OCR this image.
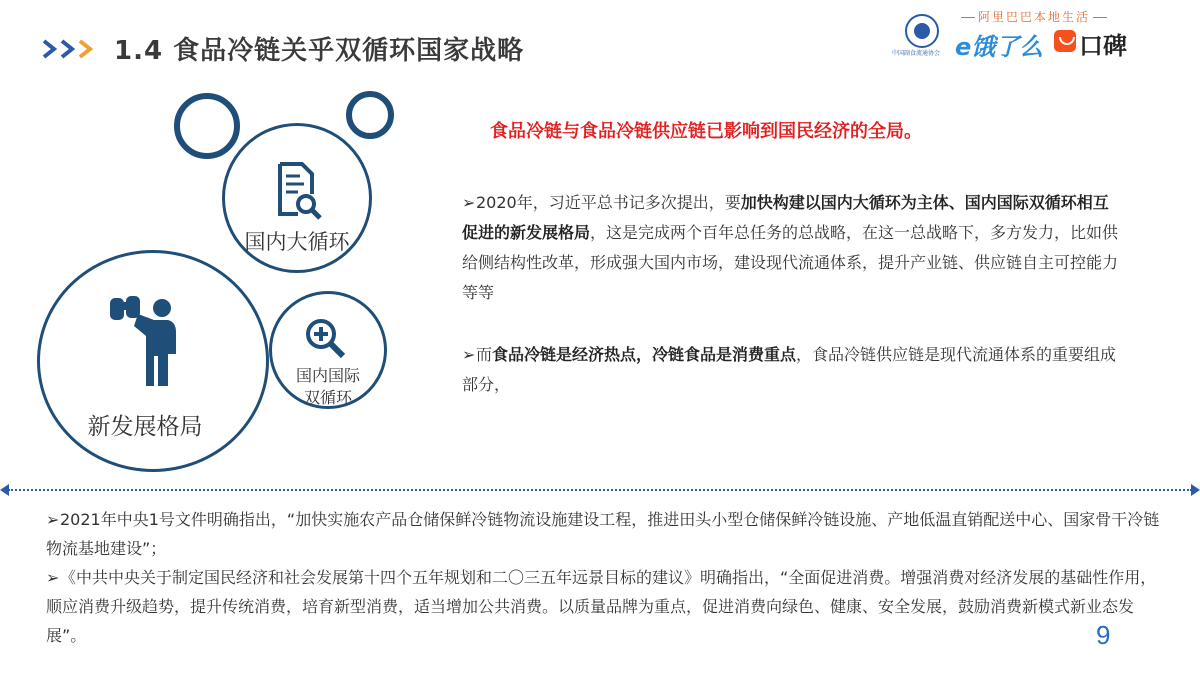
1.4 食品冷链关乎双循环国家战略	中国副食流通协会
阿里巴巴本地生活
e饿了么 口碑
国内大循环
新发展格局
国内国际
双循环
食品冷链与食品冷链供应链已影响到国民经济的全局。
➢2020年，习近平总书记多次提出，要加快构建以国内大循环为主体、国内国际双循环相互促进的新发展格局，这是完成两个百年总任务的总战略，在这一总战略下，多方发力，比如供给侧结构性改革，形成强大国内市场，建设现代流通体系，提升产业链、供应链自主可控能力等等
➢而食品冷链是经济热点，冷链食品是消费重点，食品冷链供应链是现代流通体系的重要组成部分，
➢2021年中央1号文件明确指出，“加快实施农产品仓储保鲜冷链物流设施建设工程，推进田头小型仓储保鲜冷链设施、产地低温直销配送中心、国家骨干冷链物流基地建设”；
➢《中共中央关于制定国民经济和社会发展第十四个五年规划和二〇三五年远景目标的建议》明确指出，“全面促进消费。增强消费对经济发展的基础性作用，顺应消费升级趋势，提升传统消费，培育新型消费，适当增加公共消费。以质量品牌为重点，促进消费向绿色、健康、安全发展，鼓励消费新模式新业态发展”。	9
